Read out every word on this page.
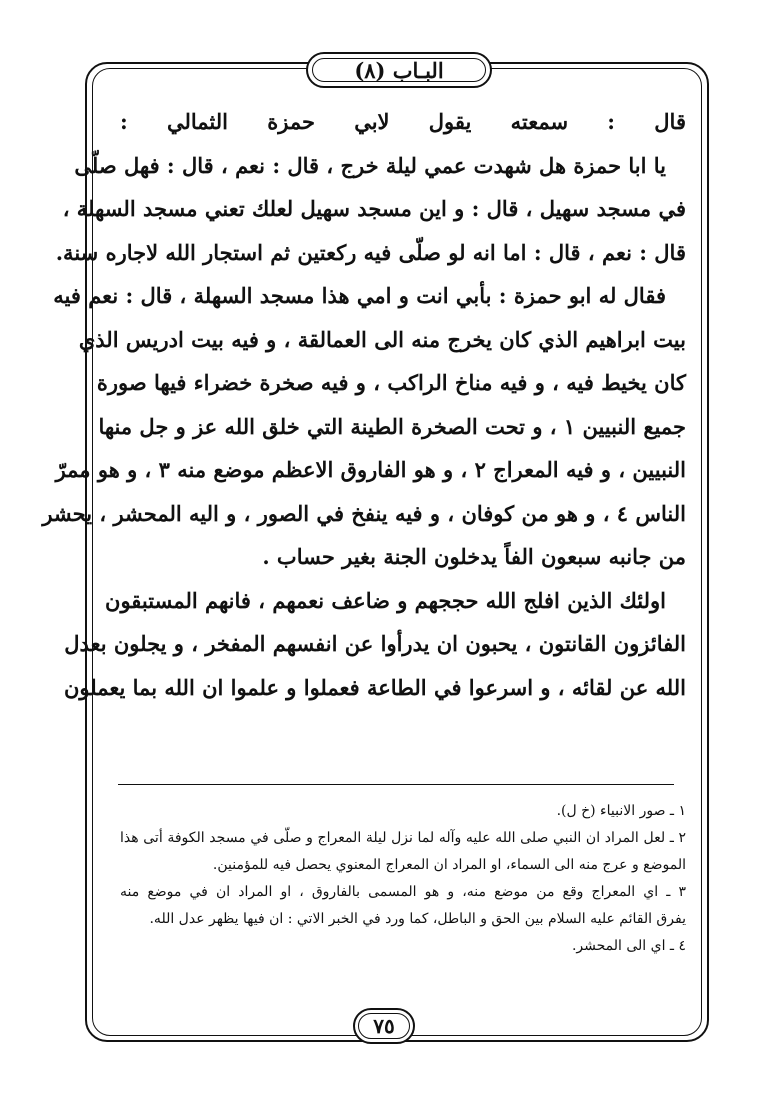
البـاب (٨)
قال : سمعته يقول لابي حمزة الثمالي :
يا ابا حمزة هل شهدت عمي ليلة خرج ، قال : نعم ، قال : فهل صلّى
في مسجد سهيل ، قال : و اين مسجد سهيل لعلك تعني مسجد السهلة ،
قال : نعم ، قال : اما انه لو صلّى فيه ركعتين ثم استجار الله لاجاره سنة.
فقال له ابو حمزة : بأبي انت و امي هذا مسجد السهلة ، قال : نعم فيه
بيت ابراهيم الذي كان يخرج منه الى العمالقة ، و فيه بيت ادريس الذي
كان يخيط فيه ، و فيه مناخ الراكب ، و فيه صخرة خضراء فيها صورة
جميع النبيين ١ ، و تحت الصخرة الطينة التي خلق الله عز و جل منها
النبيين ، و فيه المعراج ٢ ، و هو الفاروق الاعظم موضع منه ٣ ، و هو ممرّ
الناس ٤ ، و هو من كوفان ، و فيه ينفخ في الصور ، و اليه المحشر ، يحشر
من جانبه سبعون الفاً يدخلون الجنة بغير حساب .
اولئك الذين افلج الله حججهم و ضاعف نعمهم ، فانهم المستبقون
الفائزون القانتون ، يحبون ان يدرأوا عن انفسهم المفخر ، و يجلون بعدل
الله عن لقائه ، و اسرعوا في الطاعة فعملوا و علموا ان الله بما يعملون
١ ـ صور الانبياء (خ ل).
٢ ـ لعل المراد ان النبي صلى الله عليه وآله لما نزل ليلة المعراج و صلّى في مسجد الكوفة أتى هذا
الموضع و عرج منه الى السماء، او المراد ان المعراج المعنوي يحصل فيه للمؤمنين.
٣ ـ اي المعراج وقع من موضع منه، و هو المسمى بالفاروق ، او المراد ان في موضع منه
يفرق القائم عليه السلام بين الحق و الباطل، كما ورد في الخبر الاتي : ان فيها يظهر عدل الله.
٤ ـ اي الى المحشر.
٧٥
